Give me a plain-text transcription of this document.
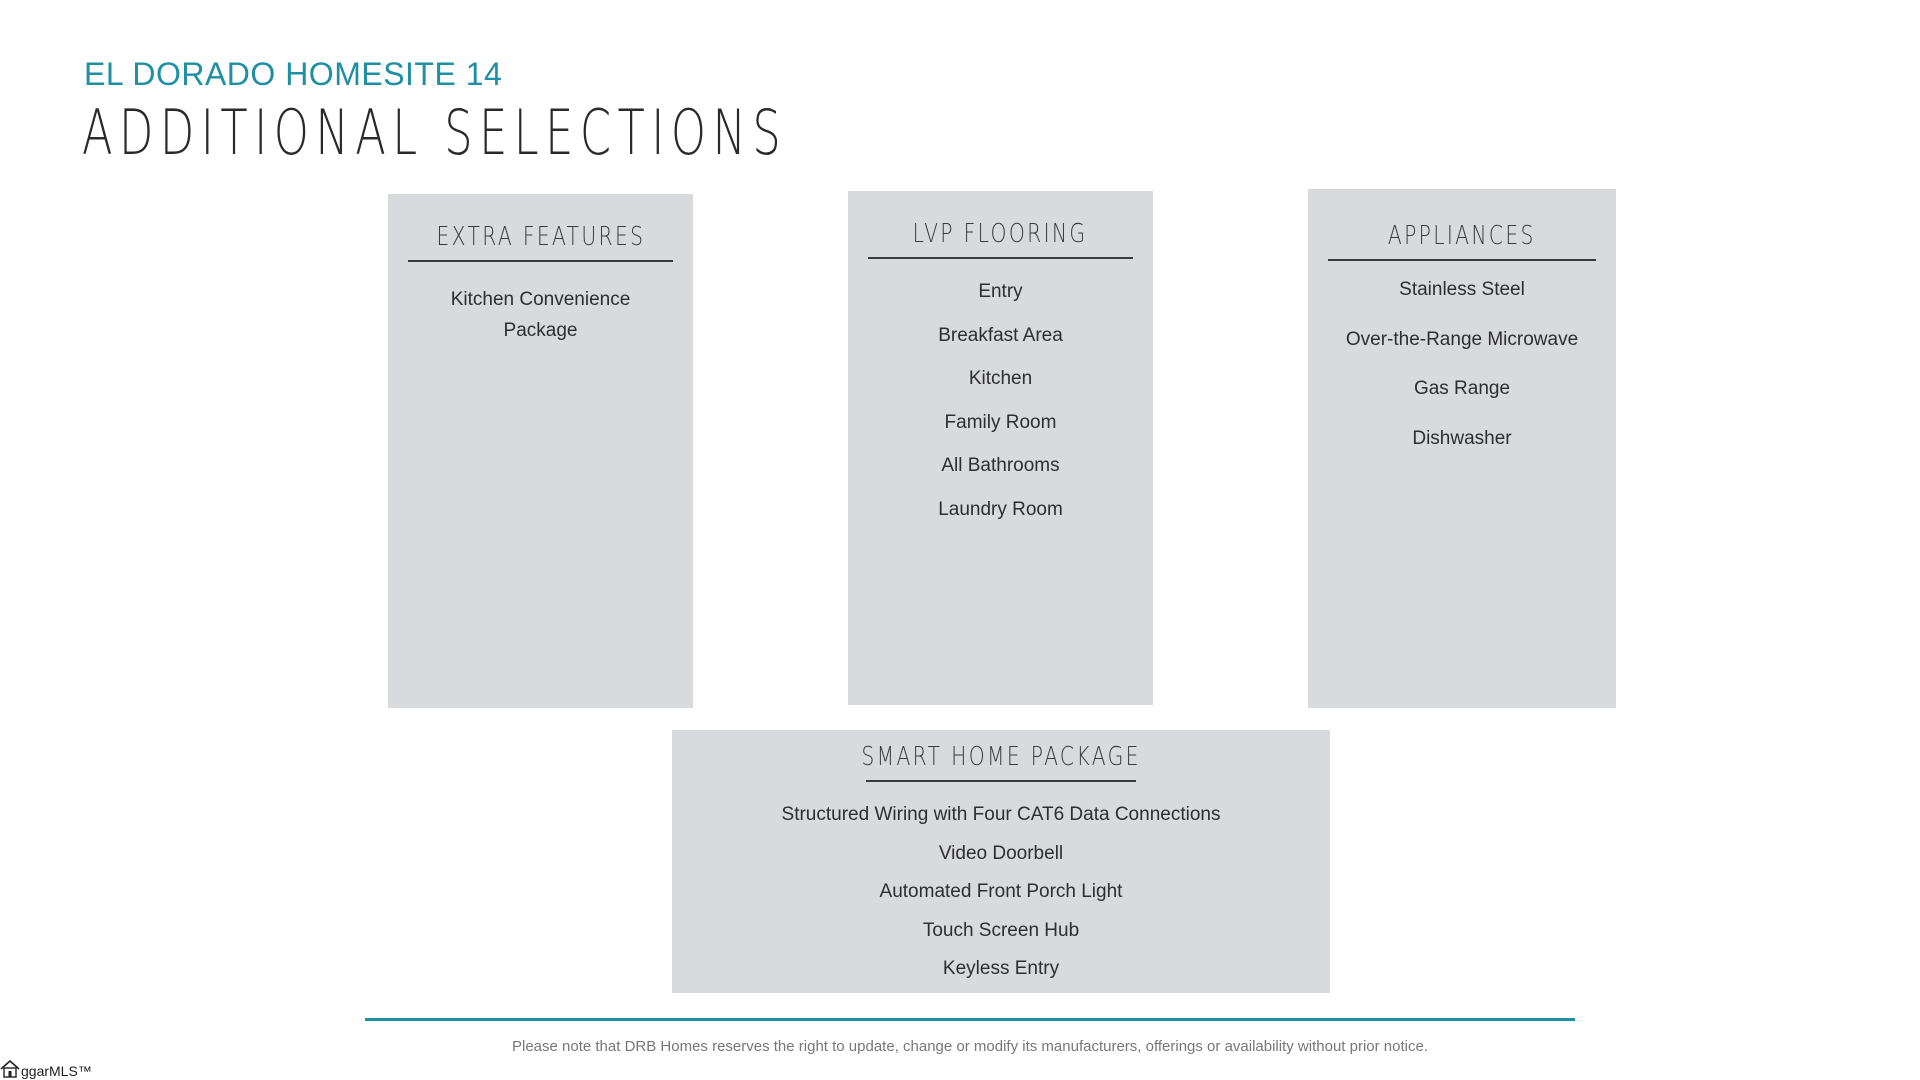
EL DORADO HOMESITE 14
ADDITIONAL SELECTIONS
EXTRA FEATURES
Kitchen Convenience
Package
LVP FLOORING
Entry
Breakfast Area
Kitchen
Family Room
All Bathrooms
Laundry Room
APPLIANCES
Stainless Steel
Over-the-Range Microwave
Gas Range
Dishwasher
SMART HOME PACKAGE
Structured Wiring with Four CAT6 Data Connections
Video Doorbell
Automated Front Porch Light
Touch Screen Hub
Keyless Entry
Please note that DRB Homes reserves the right to update, change or modify its manufacturers, offerings or availability without prior notice.
ggarMLS™
